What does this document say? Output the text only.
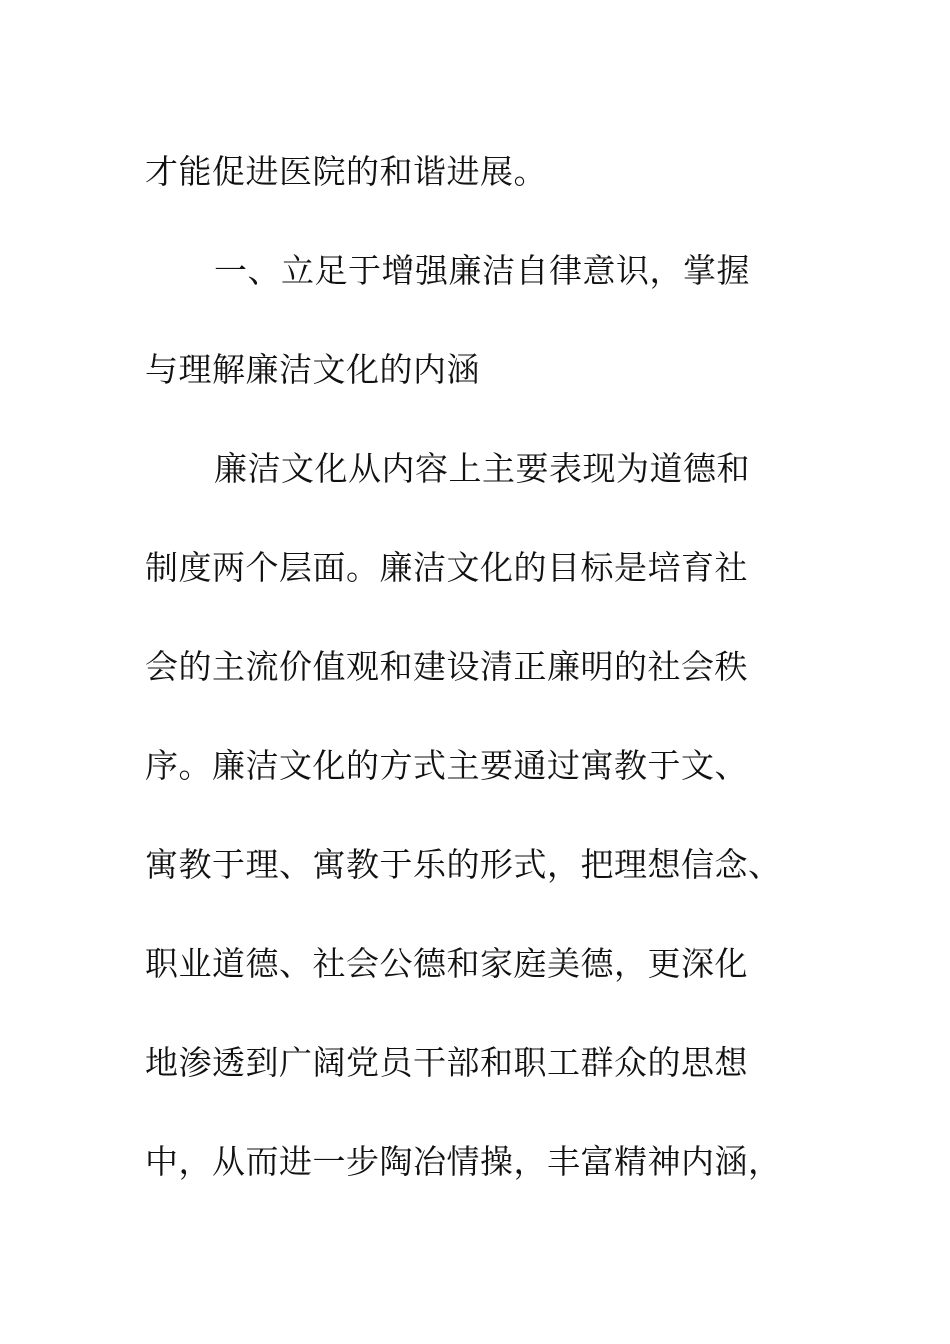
才能促进医院的和谐进展。
一、立足于增强廉洁自律意识，掌握
与理解廉洁文化的内涵
廉洁文化从内容上主要表现为道德和
制度两个层面。廉洁文化的目标是培育社
会的主流价值观和建设清正廉明的社会秩
序。廉洁文化的方式主要通过寓教于文、
寓教于理、寓教于乐的形式，把理想信念、
职业道德、社会公德和家庭美德，更深化
地渗透到广阔党员干部和职工群众的思想
中，从而进一步陶冶情操，丰富精神内涵，
